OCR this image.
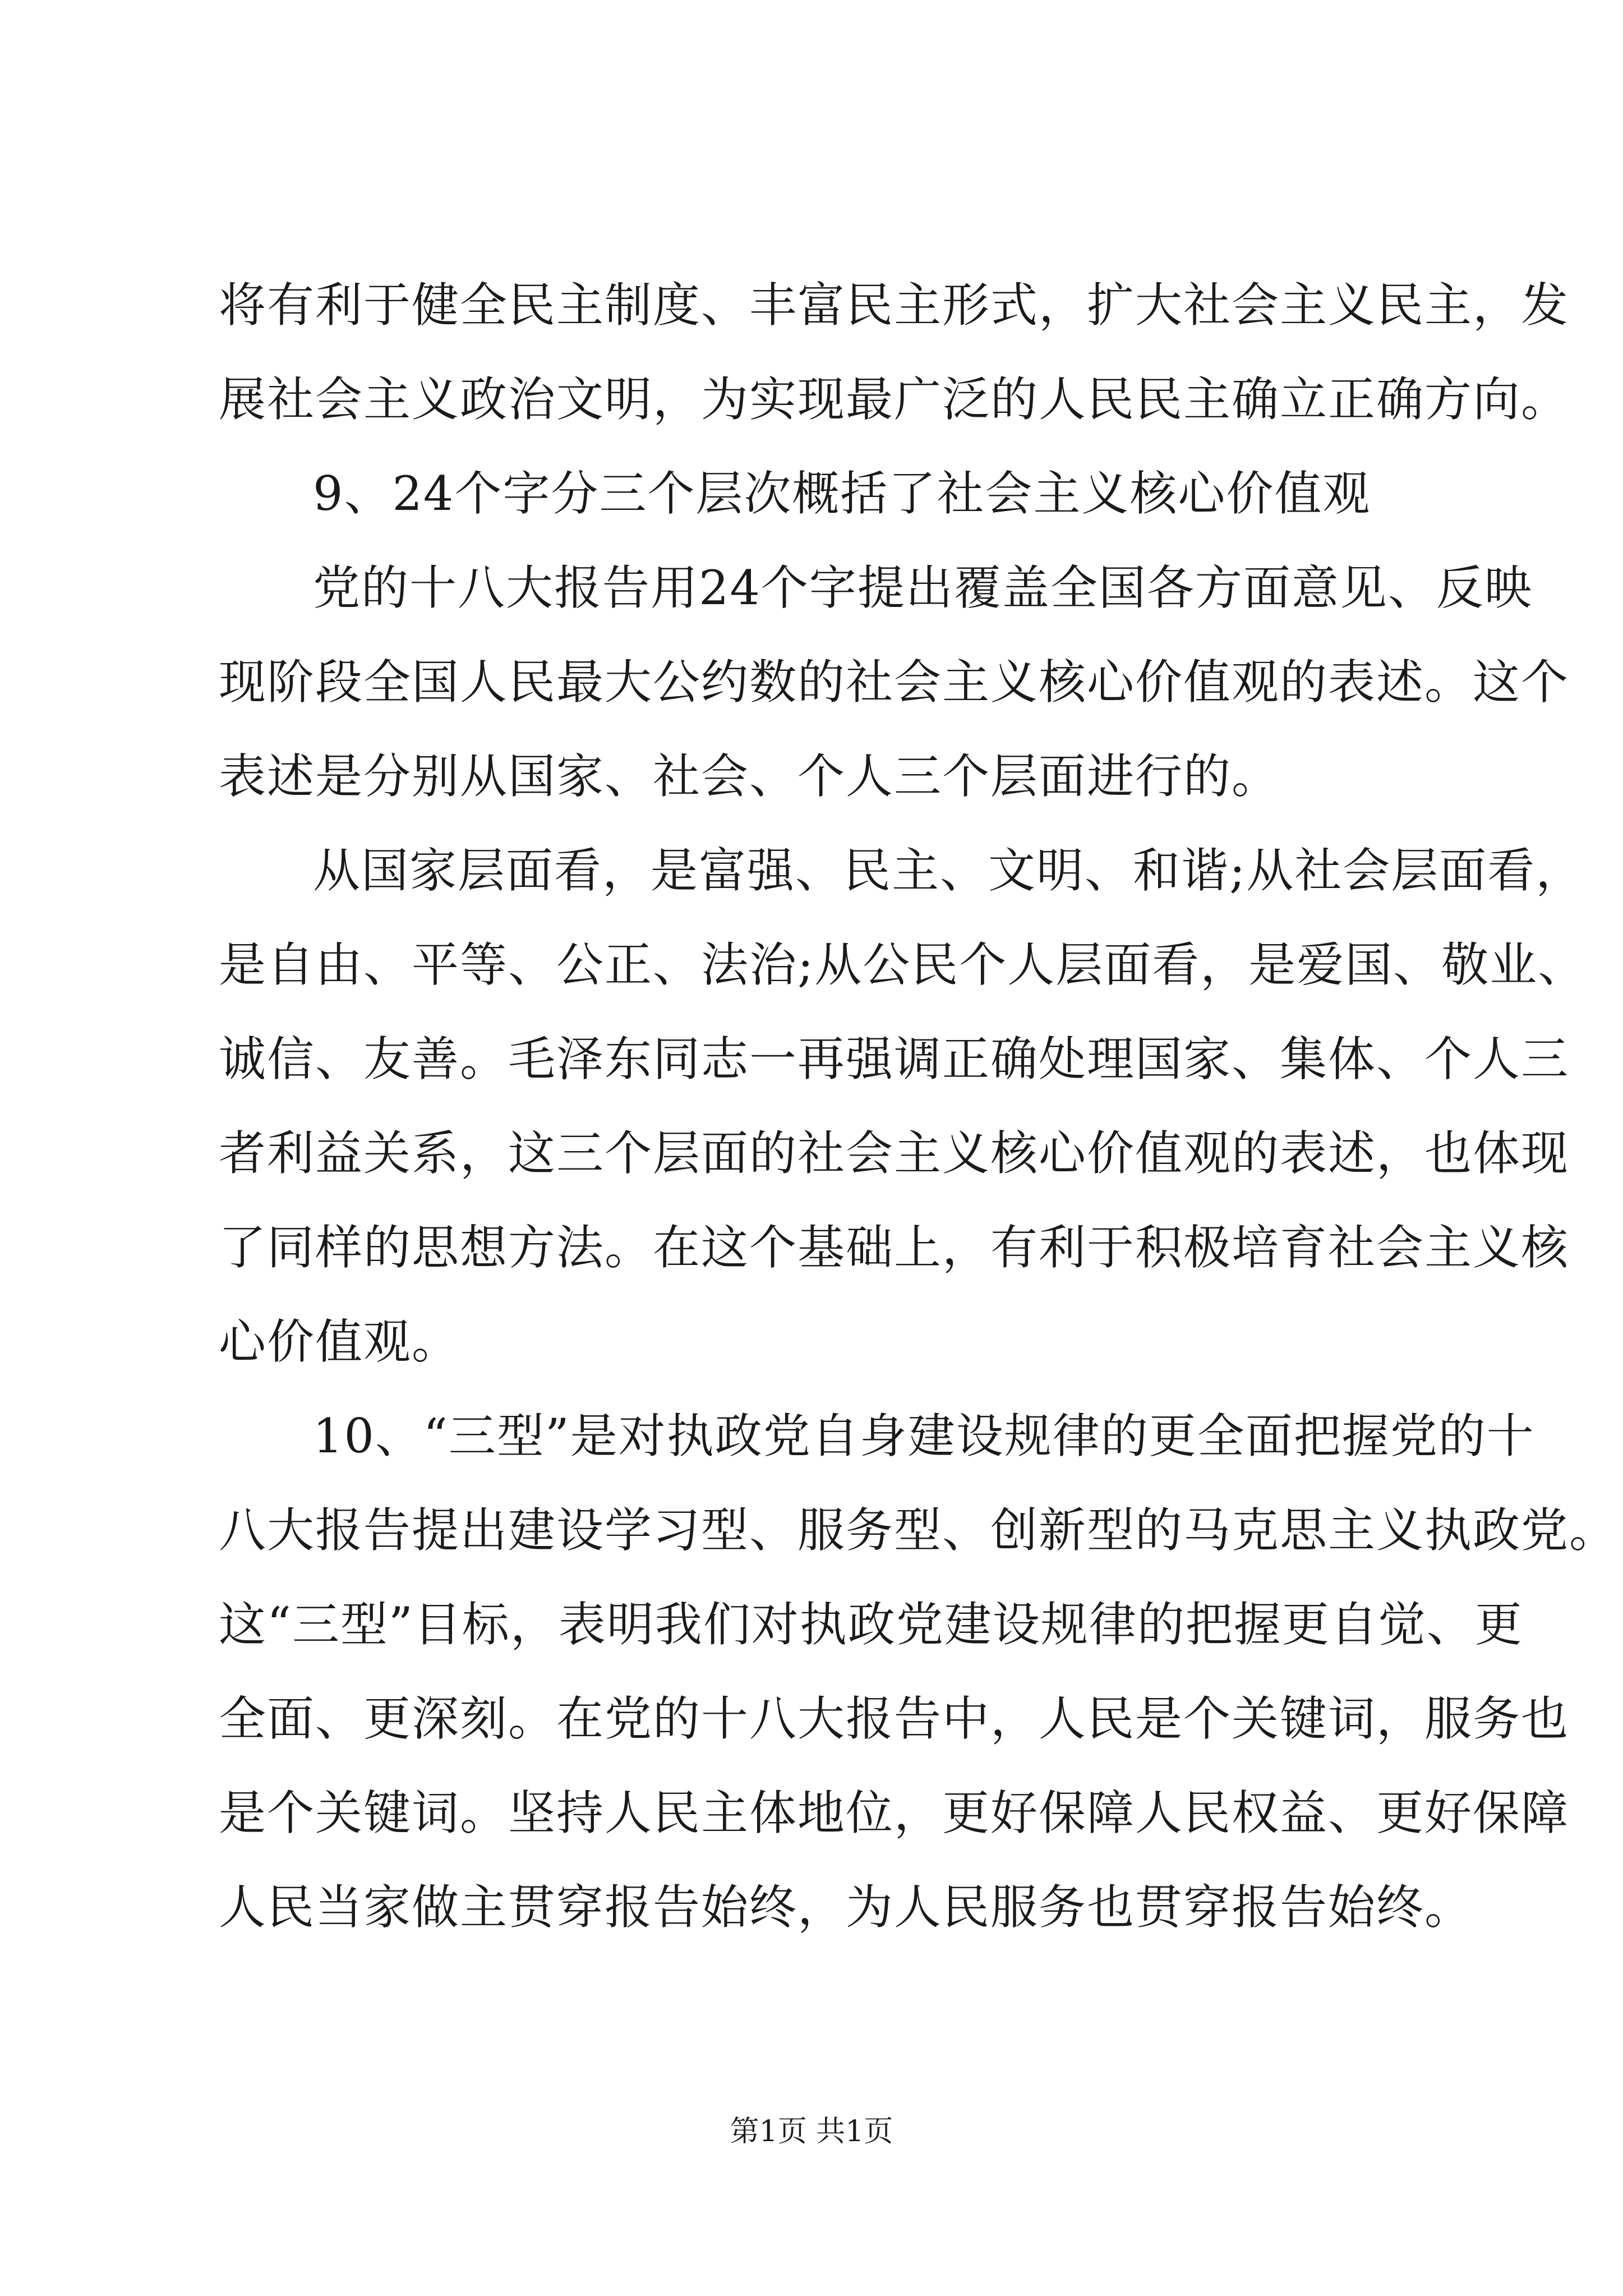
将有利于健全民主制度、丰富民主形式，扩大社会主义民主，发
展社会主义政治文明，为实现最广泛的人民民主确立正确方向。
9、24个字分三个层次概括了社会主义核心价值观
党的十八大报告用24个字提出覆盖全国各方面意见、反映
现阶段全国人民最大公约数的社会主义核心价值观的表述。这个
表述是分别从国家、社会、个人三个层面进行的。
从国家层面看，是富强、民主、文明、和谐;从社会层面看，
是自由、平等、公正、法治;从公民个人层面看，是爱国、敬业、
诚信、友善。毛泽东同志一再强调正确处理国家、集体、个人三
者利益关系，这三个层面的社会主义核心价值观的表述，也体现
了同样的思想方法。在这个基础上，有利于积极培育社会主义核
心价值观。
10、“三型”是对执政党自身建设规律的更全面把握党的十
八大报告提出建设学习型、服务型、创新型的马克思主义执政党。
这“三型”目标，表明我们对执政党建设规律的把握更自觉、更
全面、更深刻。在党的十八大报告中，人民是个关键词，服务也
是个关键词。坚持人民主体地位，更好保障人民权益、更好保障
人民当家做主贯穿报告始终，为人民服务也贯穿报告始终。
第1页 共1页
